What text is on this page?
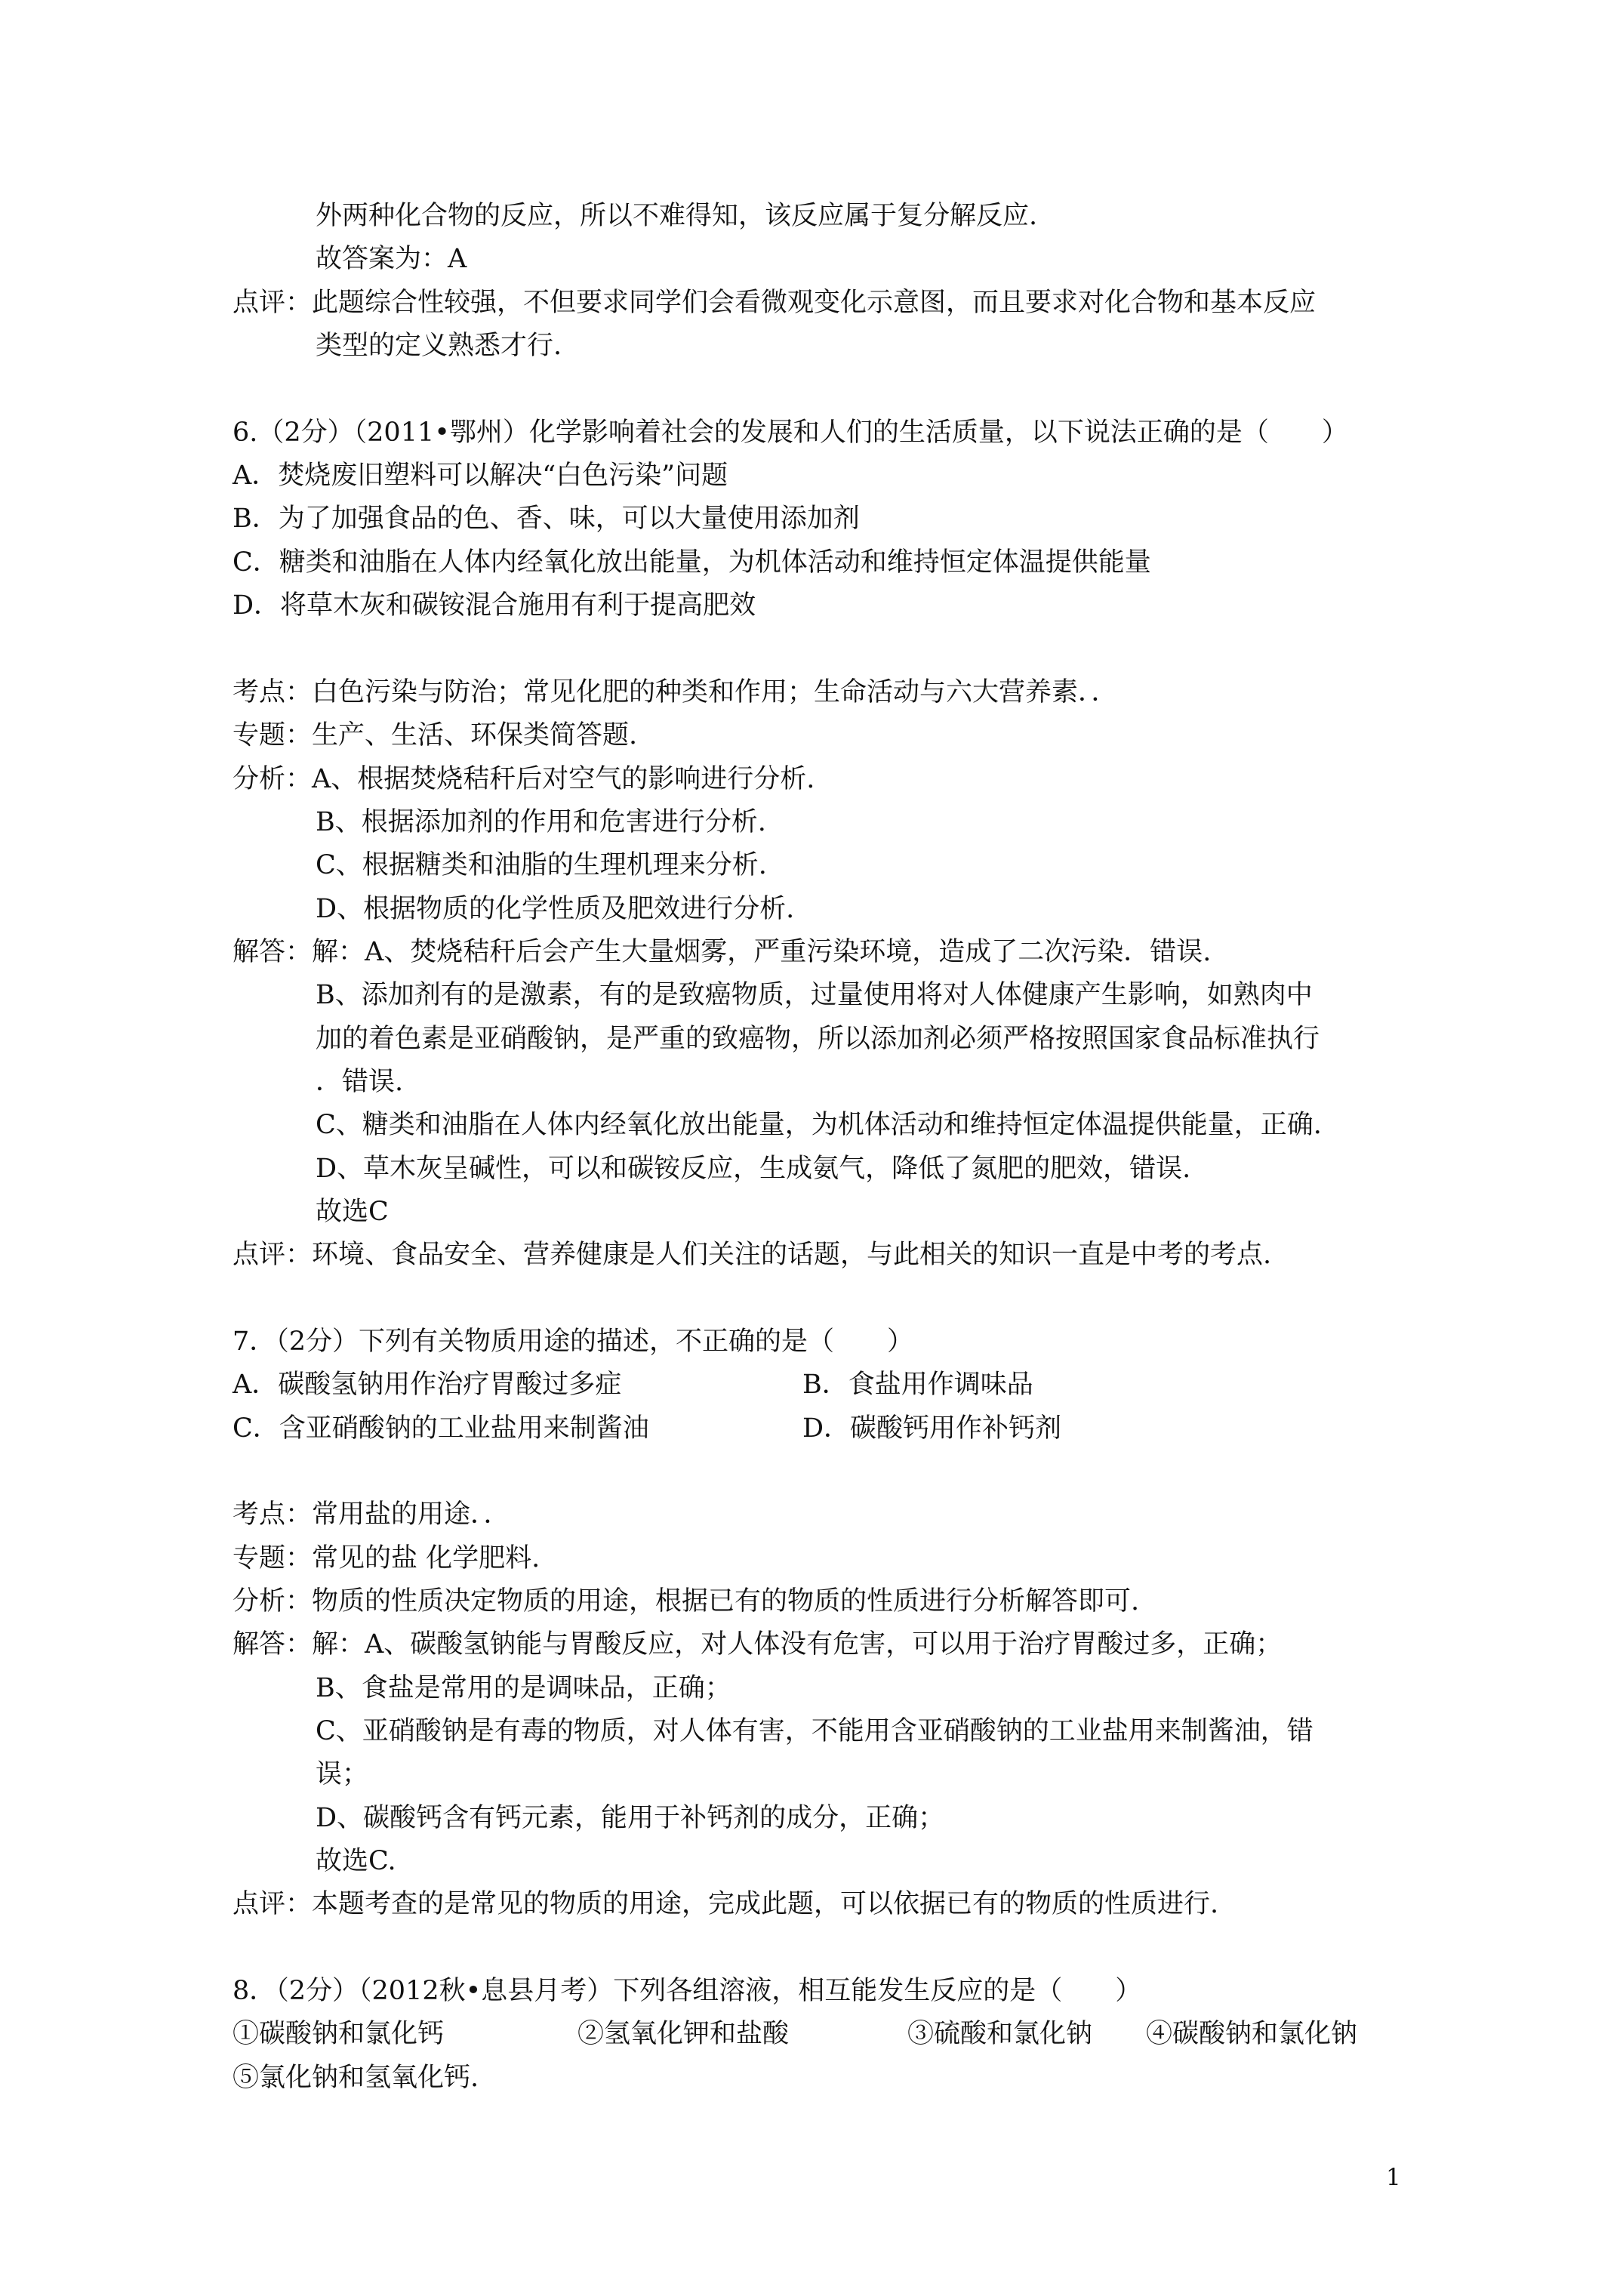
外两种化合物的反应，所以不难得知，该反应属于复分解反应.
故答案为：A
点评：此题综合性较强，不但要求同学们会看微观变化示意图，而且要求对化合物和基本反应
类型的定义熟悉才行.
6.（2分）（2011•鄂州）化学影响着社会的发展和人们的生活质量，以下说法正确的是（　　）
A．焚烧废旧塑料可以解决“白色污染”问题
B．为了加强食品的色、香、味，可以大量使用添加剂
C．糖类和油脂在人体内经氧化放出能量，为机体活动和维持恒定体温提供能量
D．将草木灰和碳铵混合施用有利于提高肥效
考点：白色污染与防治；常见化肥的种类和作用；生命活动与六大营养素．．
专题：生产、生活、环保类简答题.
分析：A、根据焚烧秸秆后对空气的影响进行分析.
B、根据添加剂的作用和危害进行分析.
C、根据糖类和油脂的生理机理来分析.
D、根据物质的化学性质及肥效进行分析.
解答：解：A、焚烧秸秆后会产生大量烟雾，严重污染环境，造成了二次污染．错误.
B、添加剂有的是激素，有的是致癌物质，过量使用将对人体健康产生影响，如熟肉中
加的着色素是亚硝酸钠，是严重的致癌物，所以添加剂必须严格按照国家食品标准执行
．错误.
C、糖类和油脂在人体内经氧化放出能量，为机体活动和维持恒定体温提供能量，正确.
D、草木灰呈碱性，可以和碳铵反应，生成氨气，降低了氮肥的肥效，错误.
故选C
点评：环境、食品安全、营养健康是人们关注的话题，与此相关的知识一直是中考的考点.
7．（2分）下列有关物质用途的描述，不正确的是（　　）
A．碳酸氢钠用作治疗胃酸过多症	B．食盐用作调味品
C．含亚硝酸钠的工业盐用来制酱油	D．碳酸钙用作补钙剂
考点：常用盐的用途．．
专题：常见的盐 化学肥料.
分析：物质的性质决定物质的用途，根据已有的物质的性质进行分析解答即可.
解答：解：A、碳酸氢钠能与胃酸反应，对人体没有危害，可以用于治疗胃酸过多，正确；
B、食盐是常用的是调味品，正确；
C、亚硝酸钠是有毒的物质，对人体有害，不能用含亚硝酸钠的工业盐用来制酱油，错
误；
D、碳酸钙含有钙元素，能用于补钙剂的成分，正确；
故选C.
点评：本题考查的是常见的物质的用途，完成此题，可以依据已有的物质的性质进行.
8．（2分）（2012秋•息县月考）下列各组溶液，相互能发生反应的是（　　）
①碳酸钠和氯化钙	②氢氧化钾和盐酸	③硫酸和氯化钠 ④碳酸钠和氯化钠
⑤氯化钠和氢氧化钙.
1
